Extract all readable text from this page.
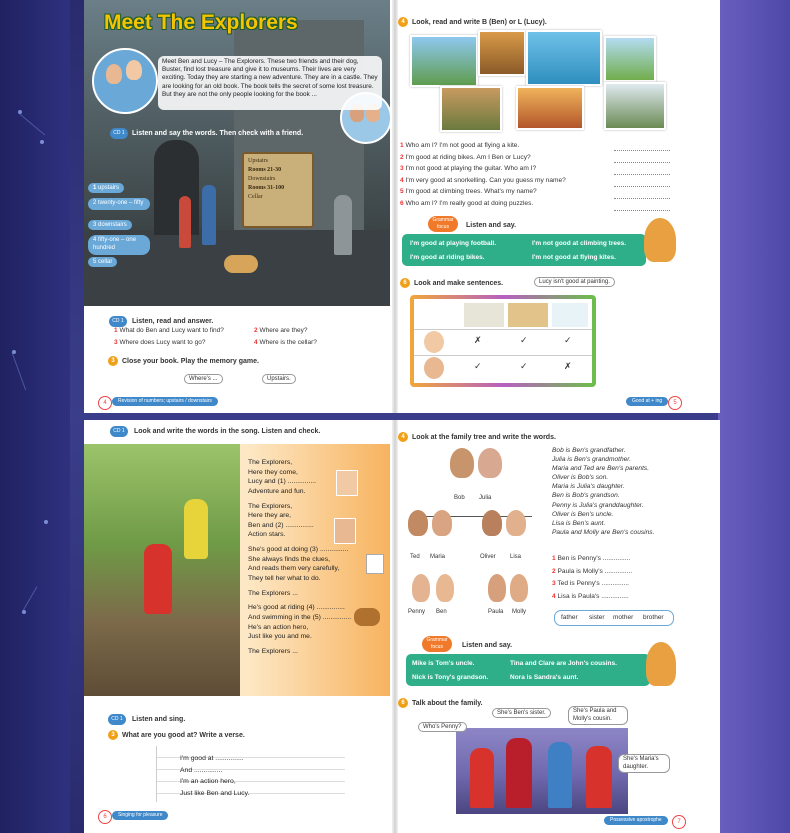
Meet The Explorers
Meet Ben and Lucy – The Explorers. These two friends and their dog, Buster, find lost treasure and give it to museums. Their lives are very exciting. Today they are starting a new adventure. They are in a castle. They are looking for an old book. The book tells the secret of some lost treasure. But they are not the only people looking for the book ...
CD 1	Listen and say the words. Then check with a friend.
Upstairs
Rooms 21-30
Downstairs
Rooms 31-100
Cellar
1 upstairs
2 twenty-one – fifty
3 downstairs
4 fifty-one – one hundred
5 cellar
CD 1	Listen, read and answer.
1 What do Ben and Lucy want to find?	2 Where are they?
3 Where does Lucy want to go?	4 Where is the cellar?
3	Close your book. Play the memory game.
Where's ...	Upstairs.
4	Revision of numbers; upstairs / downstairs
4	Look, read and write B (Ben) or L (Lucy).
1 Who am I? I'm not good at flying a kite.
2 I'm good at riding bikes. Am I Ben or Lucy?
3 I'm not good at playing the guitar. Who am I?
4 I'm very good at snorkelling. Can you guess my name?
5 I'm good at climbing trees. What's my name?
6 Who am I? I'm really good at doing puzzles.
Grammar focus	Listen and say.
I'm good at playing football.	I'm not good at climbing trees.
I'm good at riding bikes.	I'm not good at flying kites.
6	Look and make sentences.	Lucy isn't good at painting.
✗	✓	✓
✓	✓	✗
Good at + ing	5
CD 1	Look and write the words in the song. Listen and check.
The Explorers,
Here they come,
Lucy and (1) ...............
Adventure and fun.
The Explorers,
Here they are,
Ben and (2) ...............
Action stars.
She's good at doing (3) ...............
She always finds the clues,
And reads them very carefully,
They tell her what to do.
The Explorers ...
He's good at riding (4) ...............
And swimming in the (5) ...............
He's an action hero,
Just like you and me.
The Explorers ...
CD 1	Listen and sing.
3	What are you good at? Write a verse.
I'm good at ...............
And ...............
I'm an action hero,
Just like Ben and Lucy.
6	Singing for pleasure
4	Look at the family tree and write the words.
Bob Julia
Ted Maria	Oliver Lisa
Penny Ben	Paula Molly
Bob is Ben's grandfather.
Julia is Ben's grandmother.
Maria and Ted are Ben's parents.
Oliver is Bob's son.
Maria is Julia's daughter.
Ben is Bob's grandson.
Penny is Julia's granddaughter.
Oliver is Ben's uncle.
Lisa is Ben's aunt.
Paula and Molly are Ben's cousins.
1 Ben is Penny's ...............
2 Paula is Molly's ...............
3 Ted is Penny's ...............
4 Lisa is Paula's ...............
father sister mother brother
Grammar focus	Listen and say.
Mike is Tom's uncle.	Tina and Clare are John's cousins.
Nick is Tony's grandson.	Nora is Sandra's aunt.
6	Talk about the family.
Who's Penny?
She's Ben's sister.	She's Paula and Molly's cousin.
She's Maria's daughter.
Possessive apostrophe	7
